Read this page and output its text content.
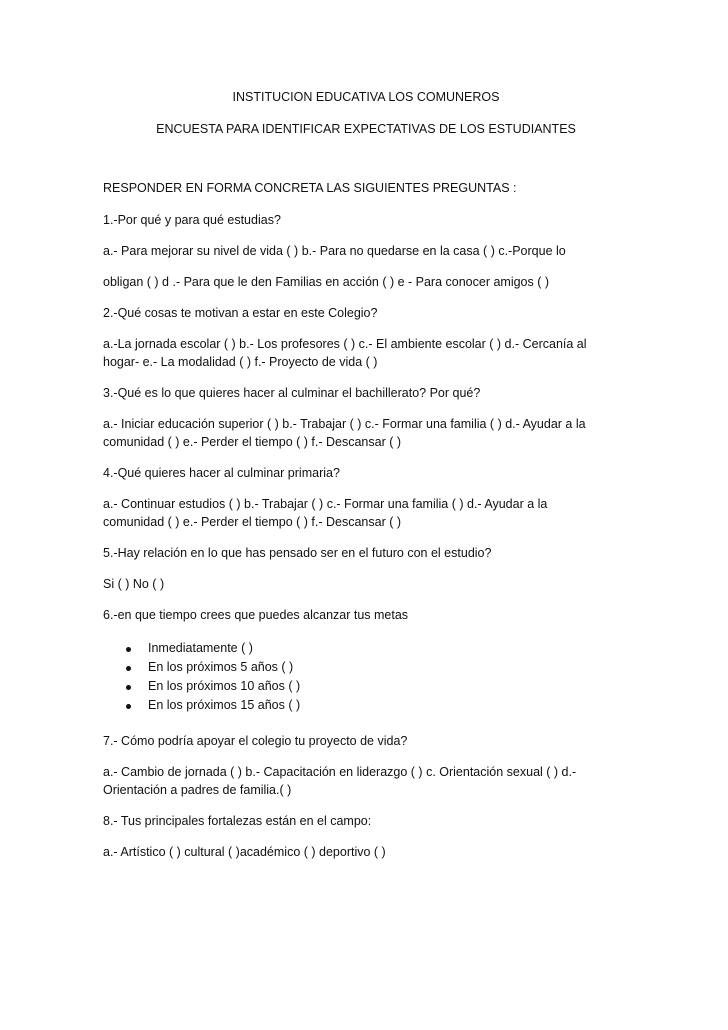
INSTITUCION EDUCATIVA LOS COMUNEROS
ENCUESTA PARA IDENTIFICAR EXPECTATIVAS DE LOS ESTUDIANTES
RESPONDER EN FORMA CONCRETA LAS SIGUIENTES PREGUNTAS :
1.-Por qué y para qué estudias?
a.- Para mejorar su nivel de vida ( ) b.- Para no quedarse en la casa ( ) c.-Porque lo
obligan ( ) d .- Para que le den Familias en acción ( ) e - Para conocer amigos ( )
2.-Qué cosas te motivan a estar en este Colegio?
a.-La jornada escolar ( ) b.- Los profesores ( ) c.- El ambiente escolar ( ) d.- Cercanía al
hogar- e.- La modalidad ( ) f.- Proyecto de vida ( )
3.-Qué es lo que quieres hacer al culminar el bachillerato? Por qué?
a.- Iniciar educación superior ( ) b.- Trabajar ( ) c.- Formar una familia ( ) d.- Ayudar a la
comunidad ( ) e.- Perder el tiempo ( ) f.- Descansar ( )
4.-Qué quieres hacer al culminar primaria?
a.- Continuar estudios ( ) b.- Trabajar ( ) c.- Formar una familia ( ) d.- Ayudar a la
comunidad ( ) e.- Perder el tiempo ( ) f.- Descansar ( )
5.-Hay relación en lo que has pensado ser en el futuro con el estudio?
Si ( ) No ( )
6.-en que tiempo crees que puedes alcanzar tus metas
Inmediatamente ( )
En los próximos 5 años ( )
En los próximos 10 años ( )
En los próximos 15 años ( )
7.- Cómo podría apoyar el colegio tu proyecto de vida?
a.- Cambio de jornada ( ) b.- Capacitación en liderazgo ( ) c. Orientación sexual ( ) d.-
Orientación a padres de familia.( )
8.- Tus principales fortalezas están en el campo:
a.- Artístico ( ) cultural ( )académico ( ) deportivo ( )
